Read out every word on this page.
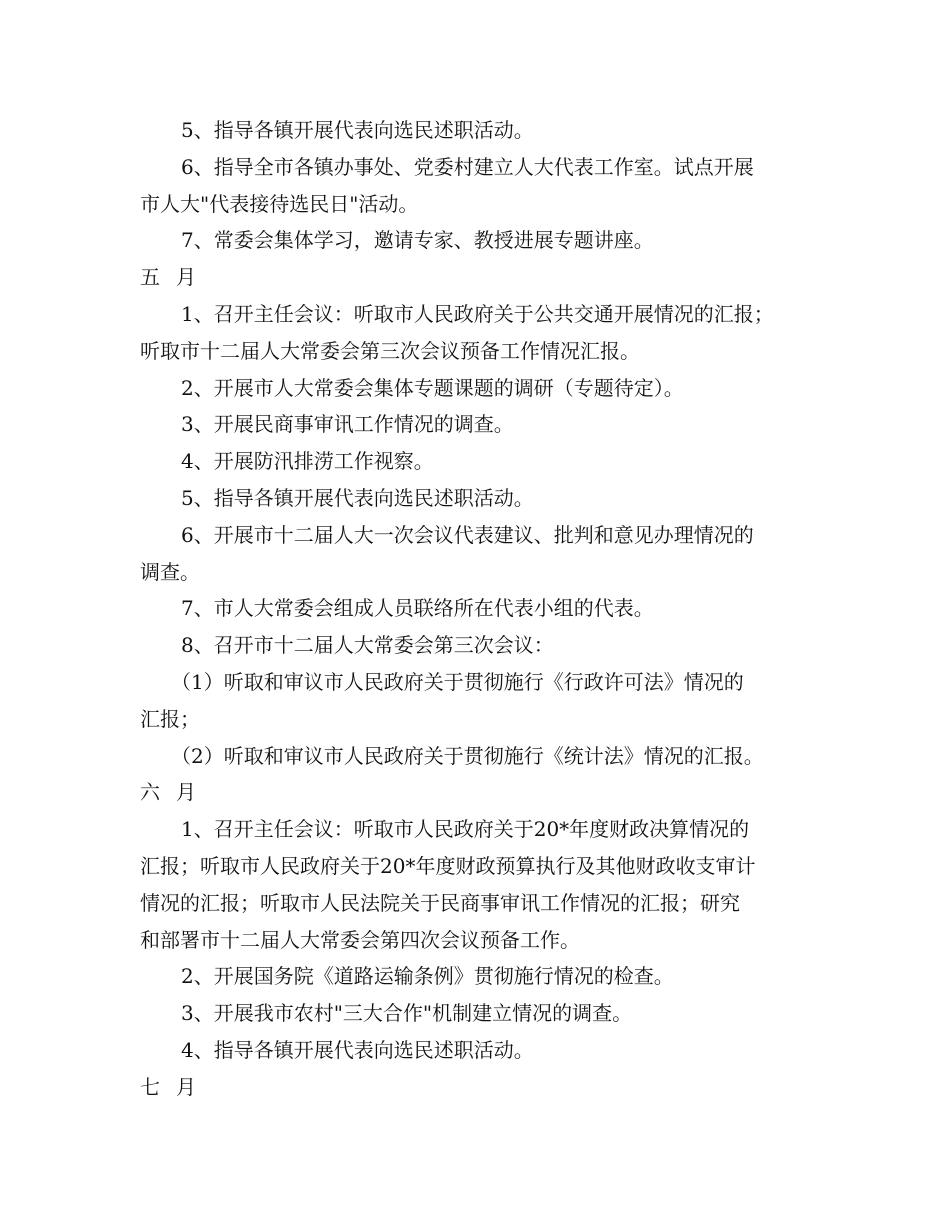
5、指导各镇开展代表向选民述职活动。

6、指导全市各镇办事处、党委村建立人大代表工作室。试点开展

市人大"代表接待选民日"活动。

7、常委会集体学习，邀请专家、教授进展专题讲座。

五月

1、召开主任会议：听取市人民政府关于公共交通开展情况的汇报；

听取市十二届人大常委会第三次会议预备工作情况汇报。

2、开展市人大常委会集体专题课题的调研（专题待定）。

3、开展民商事审讯工作情况的调查。

4、开展防汛排涝工作视察。

5、指导各镇开展代表向选民述职活动。

6、开展市十二届人大一次会议代表建议、批判和意见办理情况的

调查。

7、市人大常委会组成人员联络所在代表小组的代表。

8、召开市十二届人大常委会第三次会议：

（1）听取和审议市人民政府关于贯彻施行《行政许可法》情况的

汇报；

（2）听取和审议市人民政府关于贯彻施行《统计法》情况的汇报。

六月

1、召开主任会议：听取市人民政府关于20*年度财政决算情况的

汇报；听取市人民政府关于20*年度财政预算执行及其他财政收支审计

情况的汇报；听取市人民法院关于民商事审讯工作情况的汇报；研究

和部署市十二届人大常委会第四次会议预备工作。

2、开展国务院《道路运输条例》贯彻施行情况的检查。

3、开展我市农村"三大合作"机制建立情况的调查。

4、指导各镇开展代表向选民述职活动。

七月
